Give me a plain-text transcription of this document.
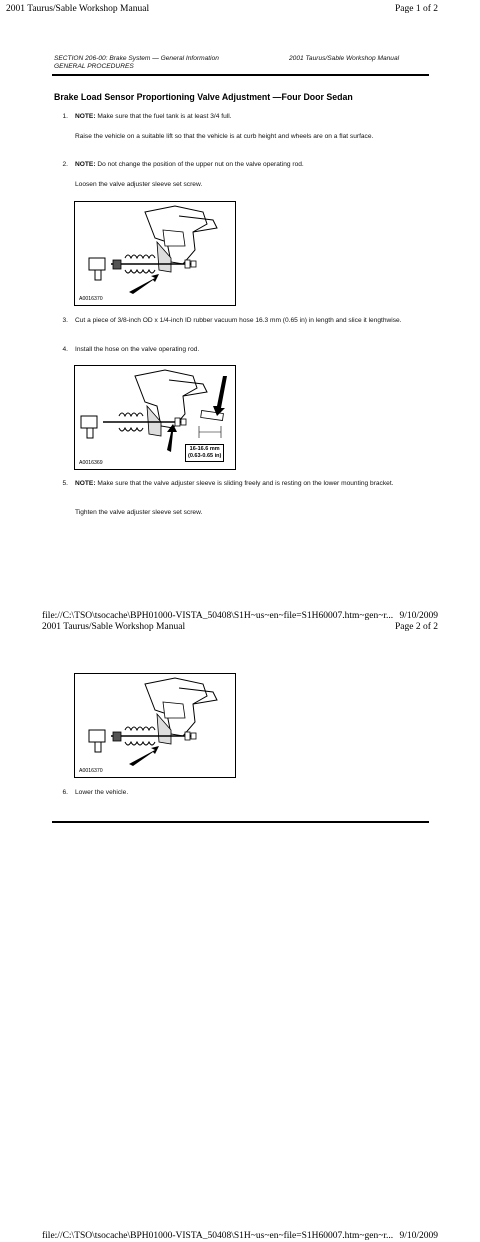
2001 Taurus/Sable Workshop Manual	Page 1 of 2
SECTION 206-00: Brake System — General Information
GENERAL PROCEDURES
2001 Taurus/Sable Workshop Manual
Brake Load Sensor Proportioning Valve Adjustment —Four Door Sedan
1. NOTE: Make sure that the fuel tank is at least 3/4 full.
Raise the vehicle on a suitable lift so that the vehicle is at curb height and wheels are on a flat surface.
2. NOTE: Do not change the position of the upper nut on the valve operating rod.
Loosen the valve adjuster sleeve set screw.
A0016370
3. Cut a piece of 3/8-inch OD x 1/4-inch ID rubber vacuum hose 16.3 mm (0.65 in) in length and slice it lengthwise.
4. Install the hose on the valve operating rod.
16-16.6 mm
(0.63-0.65 in)
A0016369
5. NOTE: Make sure that the valve adjuster sleeve is sliding freely and is resting on the lower mounting bracket.
Tighten the valve adjuster sleeve set screw.
file://C:\TSO\tsocache\BPH01000-VISTA_50408\S1H~us~en~file=S1H60007.htm~gen~r... 9/10/2009
2001 Taurus/Sable Workshop Manual	Page 2 of 2
A0016370
6. Lower the vehicle.
file://C:\TSO\tsocache\BPH01000-VISTA_50408\S1H~us~en~file=S1H60007.htm~gen~r... 9/10/2009
